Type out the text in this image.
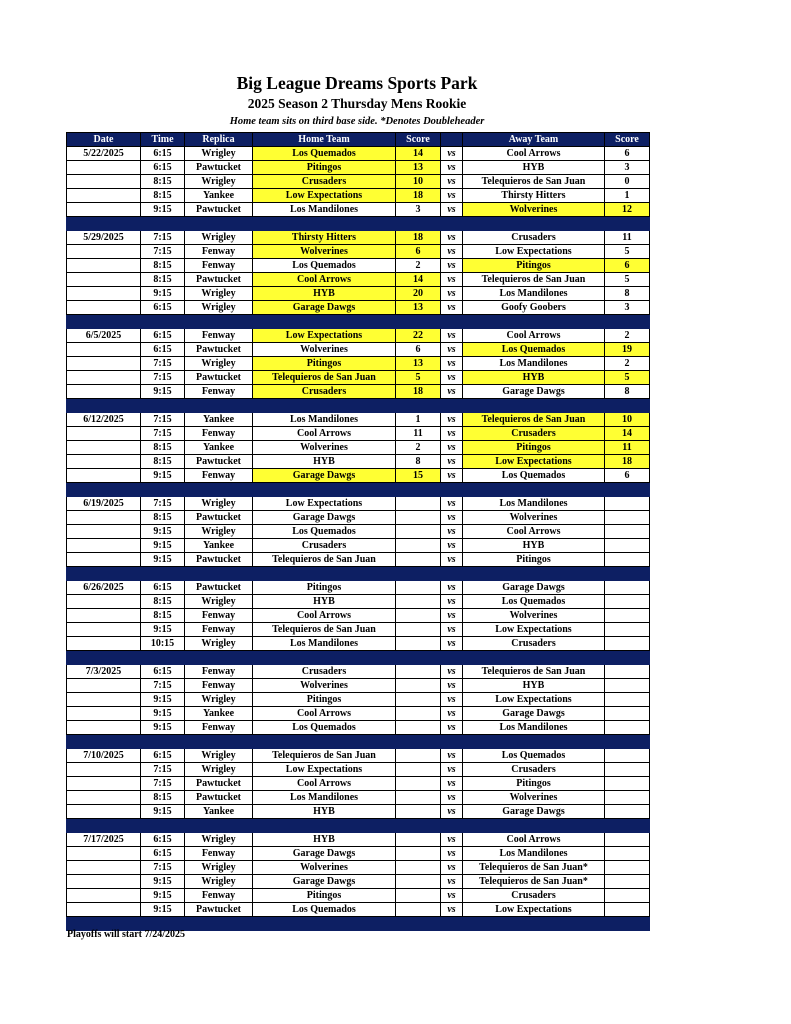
Big League Dreams Sports Park
2025 Season 2 Thursday Mens Rookie
Home team sits on third base side. *Denotes Doubleheader
Date	Time	Replica	Home Team	Score		Away Team	Score
5/22/2025	6:15	Wrigley	Los Quemados	14	vs	Cool Arrows	6
	6:15	Pawtucket	Pitingos	13	vs	HYB	3
	8:15	Wrigley	Crusaders	10	vs	Telequieros de San Juan	0
	8:15	Yankee	Low Expectations	18	vs	Thirsty Hitters	1
	9:15	Pawtucket	Los Mandilones	3	vs	Wolverines	12

5/29/2025	7:15	Wrigley	Thirsty Hitters	18	vs	Crusaders	11
	7:15	Fenway	Wolverines	6	vs	Low Expectations	5
	8:15	Fenway	Los Quemados	2	vs	Pitingos	6
	8:15	Pawtucket	Cool Arrows	14	vs	Telequieros de San Juan	5
	9:15	Wrigley	HYB	20	vs	Los Mandilones	8
	6:15	Wrigley	Garage Dawgs	13	vs	Goofy Goobers	3

6/5/2025	6:15	Fenway	Low Expectations	22	vs	Cool Arrows	2
	6:15	Pawtucket	Wolverines	6	vs	Los Quemados	19
	7:15	Wrigley	Pitingos	13	vs	Los Mandilones	2
	7:15	Pawtucket	Telequieros de San Juan	5	vs	HYB	5
	9:15	Fenway	Crusaders	18	vs	Garage Dawgs	8

6/12/2025	7:15	Yankee	Los Mandilones	1	vs	Telequieros de San Juan	10
	7:15	Fenway	Cool Arrows	11	vs	Crusaders	14
	8:15	Yankee	Wolverines	2	vs	Pitingos	11
	8:15	Pawtucket	HYB	8	vs	Low Expectations	18
	9:15	Fenway	Garage Dawgs	15	vs	Los Quemados	6

6/19/2025	7:15	Wrigley	Low Expectations		vs	Los Mandilones	
	8:15	Pawtucket	Garage Dawgs		vs	Wolverines	
	9:15	Wrigley	Los Quemados		vs	Cool Arrows	
	9:15	Yankee	Crusaders		vs	HYB	
	9:15	Pawtucket	Telequieros de San Juan		vs	Pitingos	

6/26/2025	6:15	Pawtucket	Pitingos		vs	Garage Dawgs	
	8:15	Wrigley	HYB		vs	Los Quemados	
	8:15	Fenway	Cool Arrows		vs	Wolverines	
	9:15	Fenway	Telequieros de San Juan		vs	Low Expectations	
	10:15	Wrigley	Los Mandilones		vs	Crusaders	

7/3/2025	6:15	Fenway	Crusaders		vs	Telequieros de San Juan	
	7:15	Fenway	Wolverines		vs	HYB	
	9:15	Wrigley	Pitingos		vs	Low Expectations	
	9:15	Yankee	Cool Arrows		vs	Garage Dawgs	
	9:15	Fenway	Los Quemados		vs	Los Mandilones	

7/10/2025	6:15	Wrigley	Telequieros de San Juan		vs	Los Quemados	
	7:15	Wrigley	Low Expectations		vs	Crusaders	
	7:15	Pawtucket	Cool Arrows		vs	Pitingos	
	8:15	Pawtucket	Los Mandilones		vs	Wolverines	
	9:15	Yankee	HYB		vs	Garage Dawgs	

7/17/2025	6:15	Wrigley	HYB		vs	Cool Arrows	
	6:15	Fenway	Garage Dawgs		vs	Los Mandilones	
	7:15	Wrigley	Wolverines		vs	Telequieros de San Juan*	
	9:15	Wrigley	Garage Dawgs		vs	Telequieros de San Juan*	
	9:15	Fenway	Pitingos		vs	Crusaders	
	9:15	Pawtucket	Los Quemados		vs	Low Expectations	

Playoffs will start 7/24/2025
